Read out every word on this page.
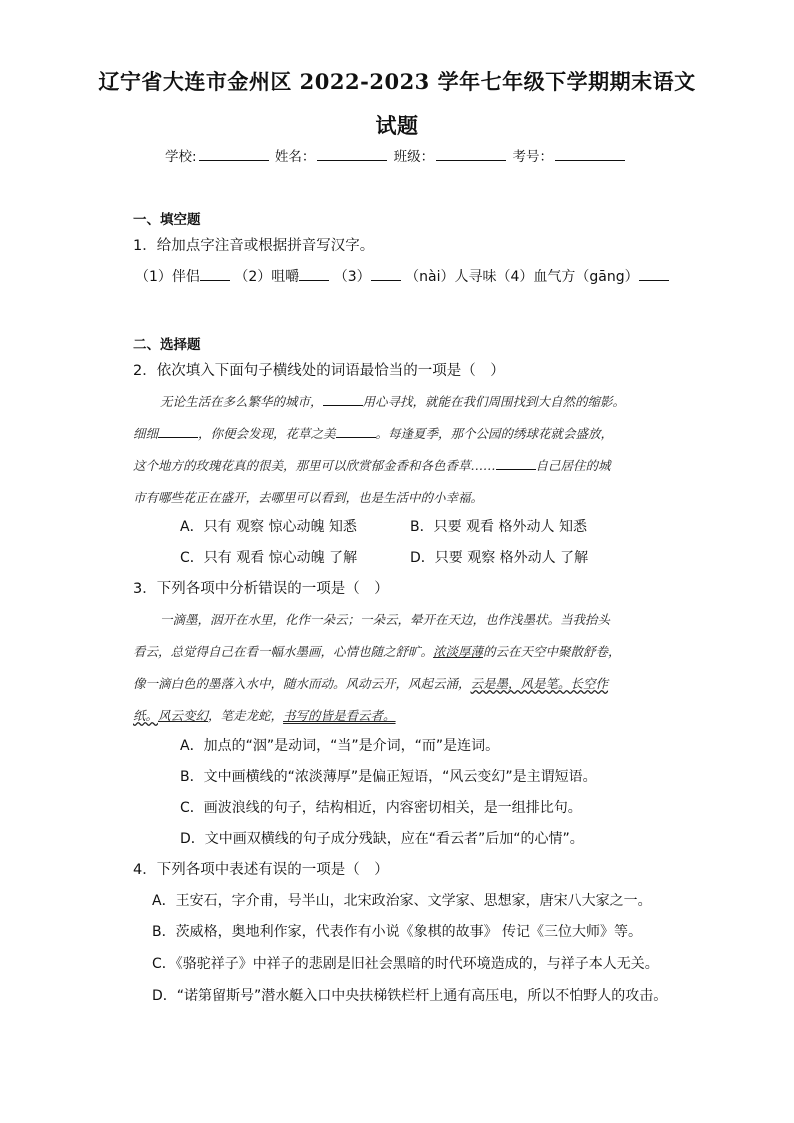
辽宁省大连市金州区 2022-2023 学年七年级下学期期末语文
试题
学校:	姓名：	班级：	考号：
一、填空题
1．给加点字注音或根据拼音写汉字。
（1）伴侣 （2）咀嚼 （3） （nài）人寻味（4）血气方（gāng）
二、选择题
2．依次填入下面句子横线处的词语最恰当的一项是（　）
无论生活在多么繁华的城市，	用心寻找，就能在我们周围找到大自然的缩影。
细细	，你便会发现，花草之美	。每逢夏季，那个公园的绣球花就会盛放，
这个地方的玫瑰花真的很美，那里可以欣赏郁金香和各色香草……	自己居住的城
市有哪些花正在盛开，去哪里可以看到，也是生活中的小幸福。
A．只有 观察 惊心动魄 知悉	B．只要 观看 格外动人 知悉
C．只有 观看 惊心动魄 了解	D．只要 观察 格外动人 了解
3．下列各项中分析错误的一项是（　）
一滴墨，洇开在水里，化作一朵云；一朵云，晕开在天边，也作浅墨状。当我抬头
看云，总觉得自己在看一幅水墨画，心情也随之舒旷。浓淡厚薄的云在天空中聚散舒卷，
像一滴白色的墨落入水中，随水而动。风动云开，风起云涌，云是墨，风是笔。长空作
纸。风云变幻，笔走龙蛇，书写的皆是看云者。
A．加点的“洇”是动词，“当”是介词，“而”是连词。
B．文中画横线的“浓淡薄厚”是偏正短语，“风云变幻”是主谓短语。
C．画波浪线的句子，结构相近，内容密切相关，是一组排比句。
D．文中画双横线的句子成分残缺，应在“看云者”后加“的心情”。
4．下列各项中表述有误的一项是（　）
A．王安石，字介甫，号半山，北宋政治家、文学家、思想家，唐宋八大家之一。
B．茨威格，奥地利作家，代表作有小说《象棋的故事》 传记《三位大师》等。
C．《骆驼祥子》中祥子的悲剧是旧社会黑暗的时代环境造成的，与祥子本人无关。
D．“诺第留斯号”潜水艇入口中央扶梯铁栏杆上通有高压电，所以不怕野人的攻击。
